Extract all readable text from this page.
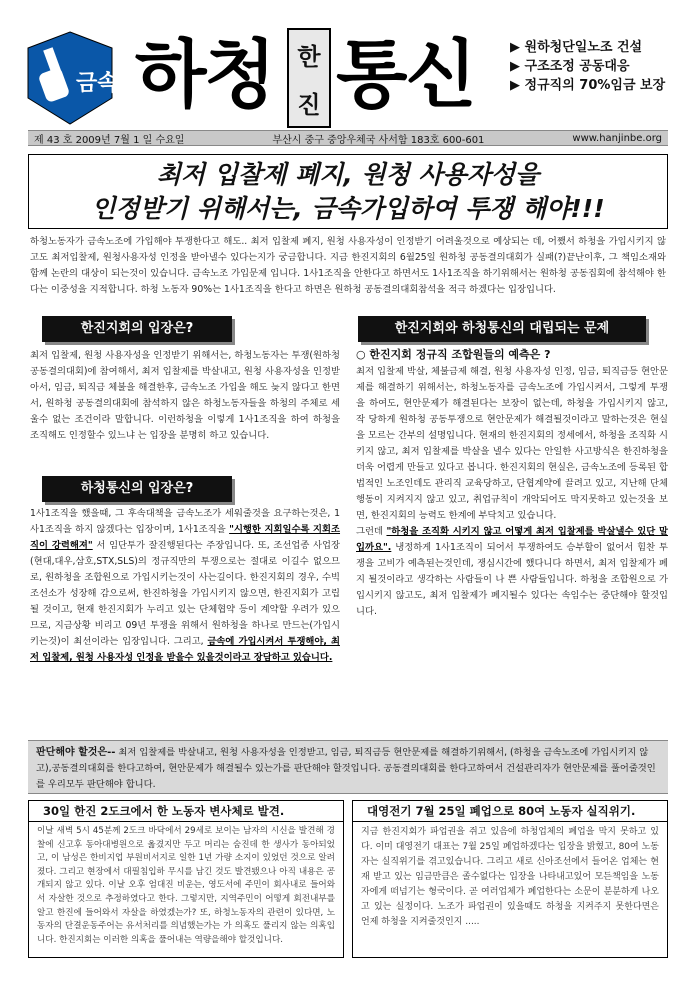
금속 하청 한
진 통신	▶ 원하청단일노조 건설
▶ 구조조정 공동대응
▶ 정규직의 70%임금 보장
제 43 호 2009년 7월 1 일 수요일	부산시 중구 중앙우체국 사서함 183호 600-601	www.hanjinbe.org
최저 입찰제 폐지, 원청 사용자성을
인정받기 위해서는, 금속가입하여 투쟁 해야!!!
하청노동자가 금속노조에 가입해야 투쟁한다고 해도.. 최저 입찰제 폐지, 원청 사용자성이 인정받기 어려울것으로 예상되는 데, 어쨌서 하청을 가입시키지 않고도 최저입찰제, 원청사용자성 인정을 받아낼수 있다는지가 궁금합니다. 지금 한진지회의 6월25일 원하청 공동결의대회가 실패(?)끝난이후, 그 책임소재와 함께 논란의 대상이 되는것이 있습니다. 금속노조 가입문제 입니다. 1사1조직을 안한다고 하면서도 1사1조직을 하기위해서는 원하청 공동집회에 참석해야 한다는 이중성을 지적합니다. 하청 노동자 90%는 1사1조직을 한다고 하면은 원하청 공동결의대회참석을 적극 하겠다는 입장입니다.
한진지회의 입장은?
최저 입찰제, 원청 사용자성을 인정받기 위해서는, 하청노동자는 투쟁(원하청 공동결의대회)에 참여해서, 최저 입찰제를 박살내고, 원청 사용자성을 인정받아서, 임금, 퇴직금 체불을 해결한후, 금속노조 가입을 해도 늦지 않다고 한면서, 원하청 공동결의대회에 참석하지 않은 하청노동자들을 하청의 주체로 세울수 없는 조건이라 말합니다. 이런하청을 이렇게 1사1조직을 하여 하청을 조직해도 인정할수 있느냐 는 입장을 분명히 하고 있습니다.
하청통신의 입장은?
1사1조직을 했을때, 그 후속대책을 금속노조가 세워줄것을 요구하는것은, 1사1조직을 하지 않겠다는 입장이며, 1사1조직을 "시행한 지회일수록 지회조직이 강력해져" 서 임단투가 잘진행된다는 주장입니다. 또, 조선업종 사업장(현대,대우,삼호,STX,SLS)의 정규직만의 투쟁으로는 절대로 이길수 없으므로, 원하청을 조합원으로 가입시키는것이 사는길이다. 한진지회의 경우, 수빅조선소가 성장해 감으로써, 한진하청을 가입시키지 않으면, 한진지회가 고립될 것이고, 현재 한진지회가 누리고 있는 단체협약 등이 계약할 우려가 있으므로, 지금상황 비리고 09년 투쟁을 위해서 원하청을 하나로 만드는(가입시키는것)이 최선이라는 입장입니다. 그리고, 금속에 가입시켜서 투쟁해야, 최저 입찰제, 원청 사용자성 인정을 받을수 있을것이라고 장담하고 있습니다.
한진지회와 하청통신의 대립되는 문제
○ 한진지회 정규직 조합원들의 예측은 ?
최저 입찰제 박살, 체불금제 해결, 원청 사용자성 인정, 임금, 퇴직금등 현안문제를 해결하기 위해서는, 하청노동자를 금속노조에 가입시켜서, 그렇게 투쟁을 하여도, 현안문제가 해결된다는 보장이 없는데, 하청을 가입시키지 않고, 작 당하게 원하청 공동투쟁으로 현안문제가 해결될것이라고 말하는것은 현실을 모르는 간부의 설명입니다. 현재의 한진지회의 정세에서, 하청을 조직화 시키지 않고, 최저 입찰제를 박살을 낼수 있다는 안일한 사고방식은 한진하청을 더욱 어렵게 만들고 있다고 봅니다. 한진지회의 현실은, 금속노조에 등록된 합법적인 노조인데도 관리직 교육당하고, 단협계약에 끌려고 있고, 지난해 단체행동이 지켜지지 않고 있고, 취업규칙이 개악되어도 막지못하고 있는것을 보면, 한진지회의 능력도 한계에 부닥치고 있습니다.
그런데 "하청을 조직화 시키지 않고 어떻게 최저 입찰제를 박살낼수 있단 말입까요". 냉정하게 1사1조직이 되어서 투쟁하여도 승부할이 없어서 힘찬 투쟁을 고비가 예측된는것인데, 쟁심시간에 했다니다 하면서, 최저 입찰제가 폐지 될것이라고 생각하는 사람들이 나 쁜 사람들입니다. 하청을 조합원으로 가입시키지 않고도, 최저 입찰제가 폐지될수 있다는 속임수는 중단해야 할것입니다.
판단해야 할것은-- 최저 입찰제를 박살내고, 원청 사용자성을 인정받고, 임금, 퇴직금등 현안문제를 해결하기위해서, (하청을 금속노조에 가입시키지 않고),공동결의대회를 한다고하여, 현안문제가 해결될수 있는가를 판단해야 할것입니다. 공동결의대회를 한다고하여서 건설관리자가 현안문제를 풀어줄것인를 우리모두 판단해야 합니다.
30일 한진 2도크에서 한 노동자 변사체로 발견.
이날 새벽 5시 45분께 2도크 바닥에서 29세로 보이는 남자의 시신을 발견해 경찰에 신고후 동아대병원으로 옮겼지만 두고 머리는 숨진데 한 생사가 동아되었고, 이 남성은 한비지업 부원비서지로 일한 1년 가량 소지이 있었던 것으로 알려졌다. 그리고 현장에서 대필침입하 무시를 남긴 것도 발견됐으나 아직 내용은 공개되지 않고 있다. 이날 오후 엄대진 비운는, 영도서에 주민이 회사내로 들어와서 자살한 것으로 추정하였다고 한다. 그렇지만, 지역주민이 어떻게 회전내부를 알고 한진에 들어와서 자살을 하였겠는가? 또, 하청노동자의 관련이 있다면, 노동자의 단결운동주어는 유서처리를 의념했는가는 가 의혹도 풀리지 않는 의혹입니다. 한진지회는 이러한 의혹을 풀어내는 역량을해야 할것입니다.
대영전기 7월 25일 폐업으로 80여 노동자 실직위기.
지금 한진지회가 파업권을 쥐고 있음에 하청업체의 폐업을 막지 못하고 있다. 이미 대영전기 대표는 7월 25일 폐업하겠다는 입장을 밝혔고, 80여 노동자는 실직위기를 겪고있습니다. 그리고 새로 신아조선에서 들어온 업체는 현재 받고 있는 임금만큼은 졸수없다는 입장을 나타내고있어 모든책임을 노동자에게 떠넘기는 형국이다. 곧 여러업체가 폐업한다는 소문이 분분하게 나오고 있는 실정이다. 노조가 파업권이 있을때도 하청을 지켜주지 못한다면은 언제 하청을 지켜줄것인지 .....
